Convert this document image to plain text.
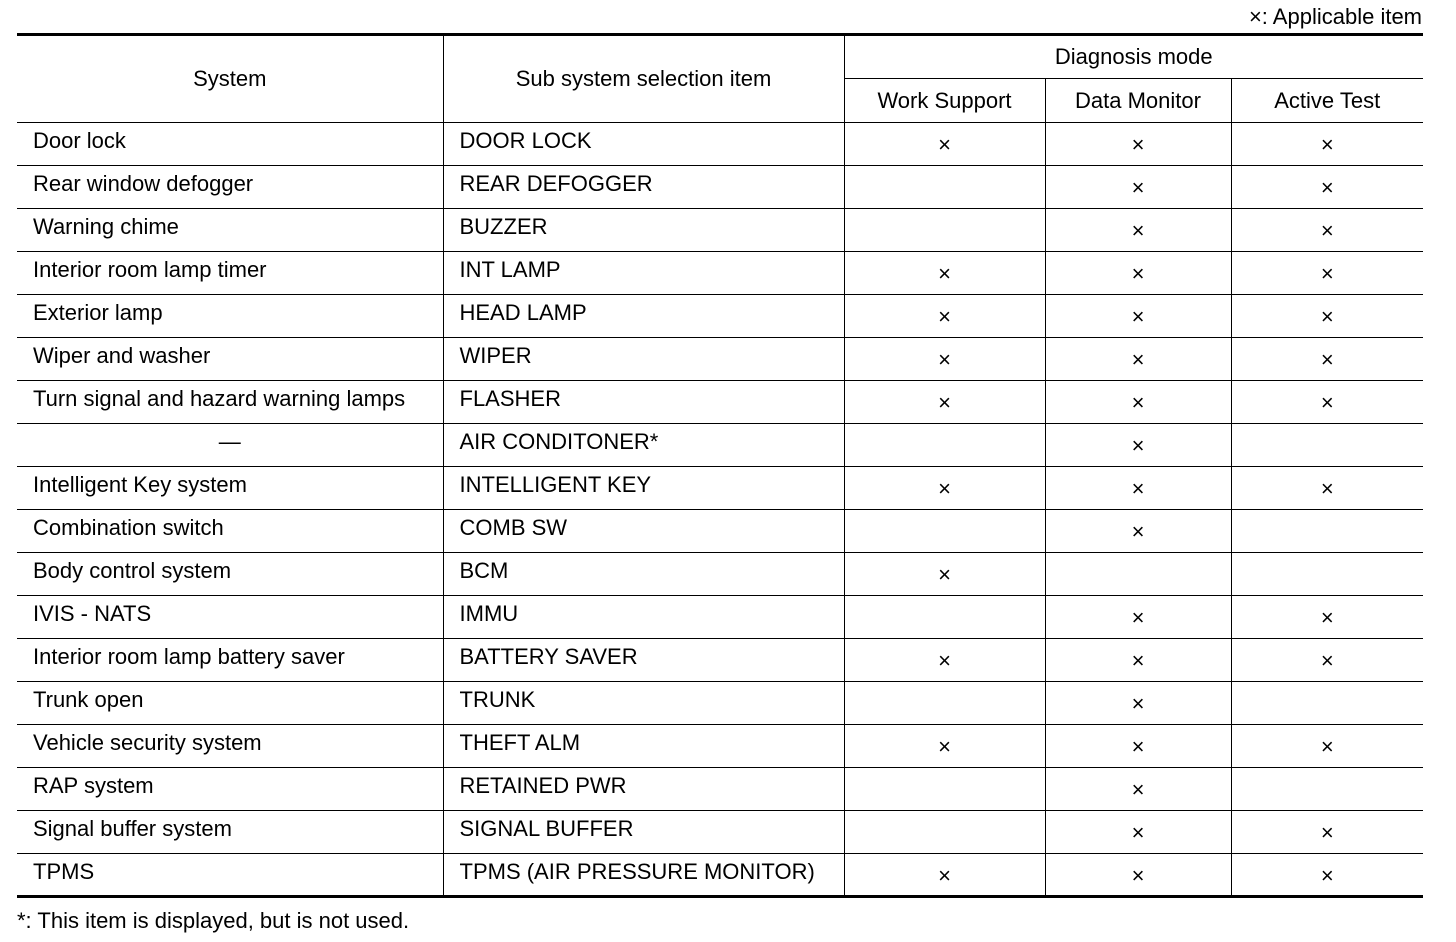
×: Applicable item
System	Sub system selection item	Diagnosis mode		
		Work Support	Data Monitor	Active Test
Door lock	DOOR LOCK	×	×	×
Rear window defogger	REAR DEFOGGER		×	×
Warning chime	BUZZER		×	×
Interior room lamp timer	INT LAMP	×	×	×
Exterior lamp	HEAD LAMP	×	×	×
Wiper and washer	WIPER	×	×	×
Turn signal and hazard warning lamps	FLASHER	×	×	×
—	AIR CONDITONER*		×	
Intelligent Key system	INTELLIGENT KEY	×	×	×
Combination switch	COMB SW		×	
Body control system	BCM	×		
IVIS - NATS	IMMU		×	×
Interior room lamp battery saver	BATTERY SAVER	×	×	×
Trunk open	TRUNK		×	
Vehicle security system	THEFT ALM	×	×	×
RAP system	RETAINED PWR		×	
Signal buffer system	SIGNAL BUFFER		×	×
TPMS	TPMS (AIR PRESSURE MONITOR)	×	×	×
*: This item is displayed, but is not used.
